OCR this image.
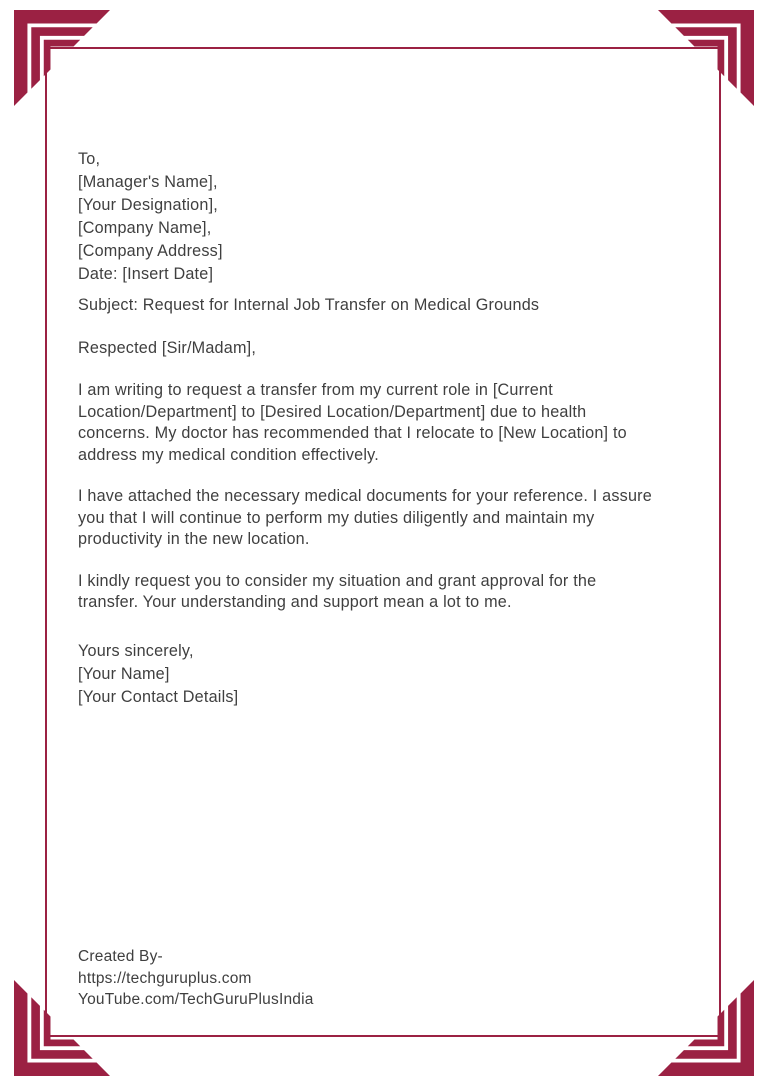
To,
[Manager's Name],
[Your Designation],
[Company Name],
[Company Address]
Date: [Insert Date]
Subject: Request for Internal Job Transfer on Medical Grounds
Respected [Sir/Madam],
I am writing to request a transfer from my current role in [Current
Location/Department] to [Desired Location/Department] due to health
concerns. My doctor has recommended that I relocate to [New Location] to
address my medical condition effectively.
I have attached the necessary medical documents for your reference. I assure
you that I will continue to perform my duties diligently and maintain my
productivity in the new location.
I kindly request you to consider my situation and grant approval for the
transfer. Your understanding and support mean a lot to me.
Yours sincerely,
[Your Name]
[Your Contact Details]
Created By-
https://techguruplus.com
YouTube.com/TechGuruPlusIndia
